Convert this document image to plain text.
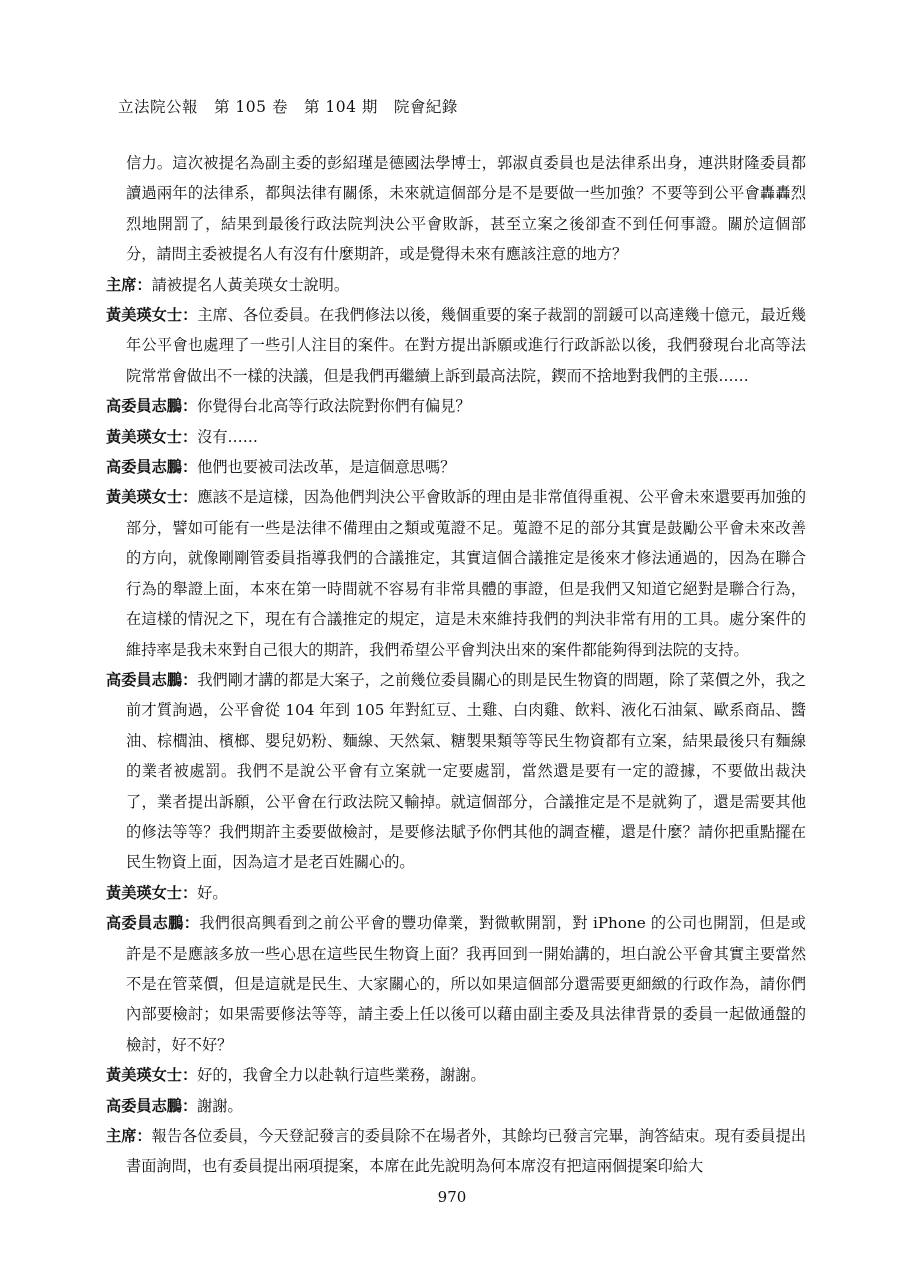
立法院公報　第 105 卷　第 104 期　院會紀錄

信力。這次被提名為副主委的彭紹瑾是德國法學博士，郭淑貞委員也是法律系出身，連洪財隆委員都讀過兩年的法律系，都與法律有關係，未來就這個部分是不是要做一些加強？不要等到公平會轟轟烈烈地開罰了，結果到最後行政法院判決公平會敗訴，甚至立案之後卻查不到任何事證。關於這個部分，請問主委被提名人有沒有什麼期許，或是覺得未來有應該注意的地方？

主席：請被提名人黃美瑛女士說明。

黃美瑛女士：主席、各位委員。在我們修法以後，幾個重要的案子裁罰的罰鍰可以高達幾十億元，最近幾年公平會也處理了一些引人注目的案件。在對方提出訴願或進行行政訴訟以後，我們發現台北高等法院常常會做出不一樣的決議，但是我們再繼續上訴到最高法院，鍥而不捨地對我們的主張……

高委員志鵬：你覺得台北高等行政法院對你們有偏見？

黃美瑛女士：沒有……

高委員志鵬：他們也要被司法改革，是這個意思嗎？

黃美瑛女士：應該不是這樣，因為他們判決公平會敗訴的理由是非常值得重視、公平會未來還要再加強的部分，譬如可能有一些是法律不備理由之類或蒐證不足。蒐證不足的部分其實是鼓勵公平會未來改善的方向，就像剛剛管委員指導我們的合議推定，其實這個合議推定是後來才修法通過的，因為在聯合行為的舉證上面，本來在第一時間就不容易有非常具體的事證，但是我們又知道它絕對是聯合行為，在這樣的情況之下，現在有合議推定的規定，這是未來維持我們的判決非常有用的工具。處分案件的維持率是我未來對自己很大的期許，我們希望公平會判決出來的案件都能夠得到法院的支持。

高委員志鵬：我們剛才講的都是大案子，之前幾位委員關心的則是民生物資的問題，除了菜價之外，我之前才質詢過，公平會從 104 年到 105 年對紅豆、土雞、白肉雞、飲料、液化石油氣、歐系商品、醬油、棕櫚油、檳榔、嬰兒奶粉、麵線、天然氣、糖製果類等等民生物資都有立案，結果最後只有麵線的業者被處罰。我們不是說公平會有立案就一定要處罰，當然還是要有一定的證據，不要做出裁決了，業者提出訴願，公平會在行政法院又輸掉。就這個部分，合議推定是不是就夠了，還是需要其他的修法等等？我們期許主委要做檢討，是要修法賦予你們其他的調查權，還是什麼？請你把重點擺在民生物資上面，因為這才是老百姓關心的。

黃美瑛女士：好。

高委員志鵬：我們很高興看到之前公平會的豐功偉業，對微軟開罰，對 iPhone 的公司也開罰，但是或許是不是應該多放一些心思在這些民生物資上面？我再回到一開始講的，坦白說公平會其實主要當然不是在管菜價，但是這就是民生、大家關心的，所以如果這個部分還需要更細緻的行政作為，請你們內部要檢討；如果需要修法等等，請主委上任以後可以藉由副主委及具法律背景的委員一起做通盤的檢討，好不好？

黃美瑛女士：好的，我會全力以赴執行這些業務，謝謝。

高委員志鵬：謝謝。

主席：報告各位委員，今天登記發言的委員除不在場者外，其餘均已發言完畢，詢答結束。現有委員提出書面詢問，也有委員提出兩項提案，本席在此先說明為何本席沒有把這兩個提案印給大

970
